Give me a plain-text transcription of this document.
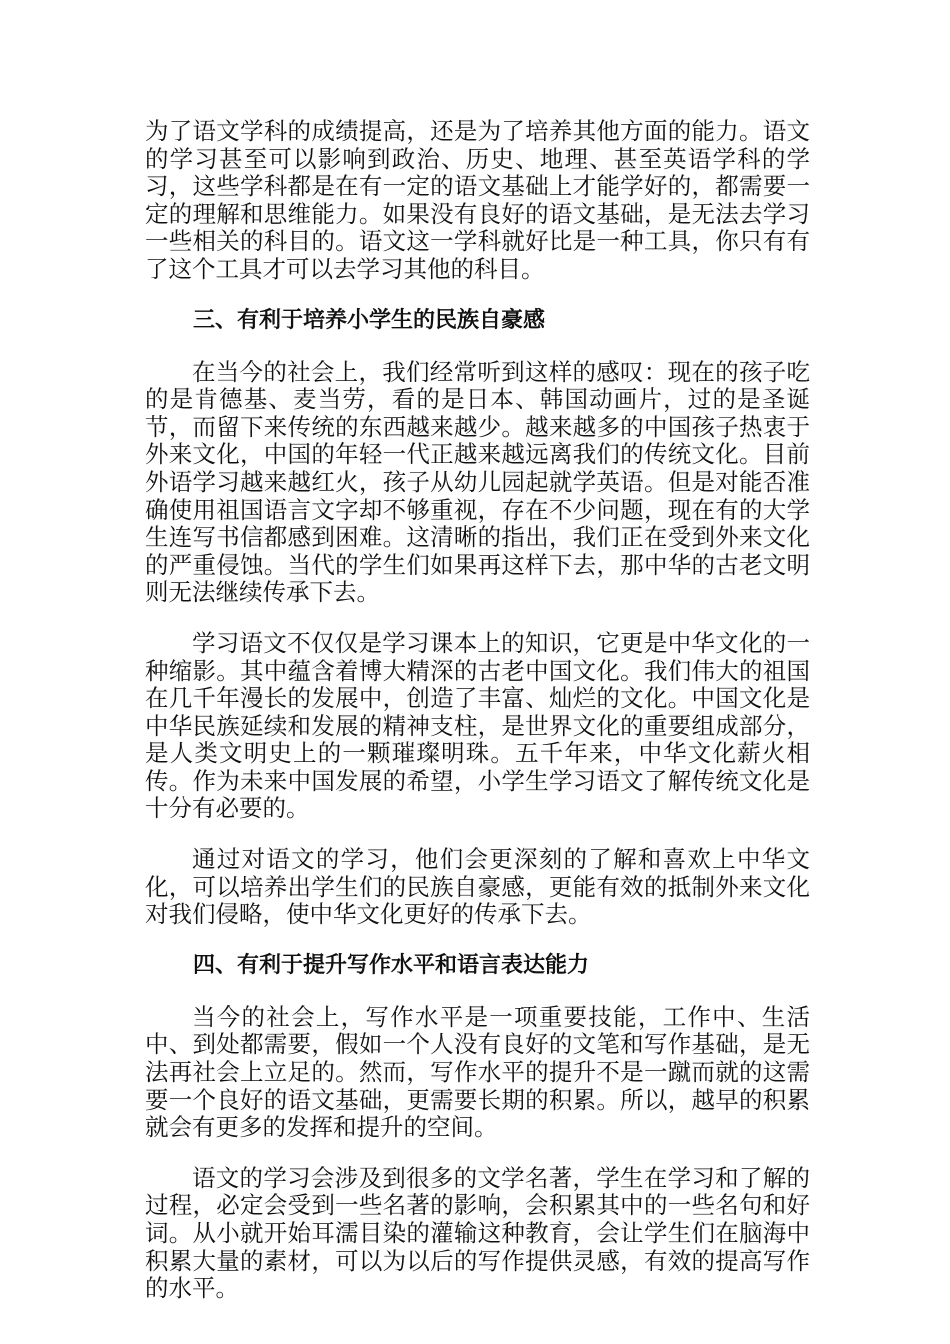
为了语文学科的成绩提高，还是为了培养其他方面的能力。语文的学习甚至可以影响到政治、历史、地理、甚至英语学科的学习，这些学科都是在有一定的语文基础上才能学好的，都需要一定的理解和思维能力。如果没有良好的语文基础，是无法去学习一些相关的科目的。语文这一学科就好比是一种工具，你只有有了这个工具才可以去学习其他的科目。

三、有利于培养小学生的民族自豪感

在当今的社会上，我们经常听到这样的感叹：现在的孩子吃的是肯德基、麦当劳，看的是日本、韩国动画片，过的是圣诞节，而留下来传统的东西越来越少。越来越多的中国孩子热衷于外来文化，中国的年轻一代正越来越远离我们的传统文化。目前外语学习越来越红火，孩子从幼儿园起就学英语。但是对能否准确使用祖国语言文字却不够重视，存在不少问题，现在有的大学生连写书信都感到困难。这清晰的指出，我们正在受到外来文化的严重侵蚀。当代的学生们如果再这样下去，那中华的古老文明则无法继续传承下去。

学习语文不仅仅是学习课本上的知识，它更是中华文化的一种缩影。其中蕴含着博大精深的古老中国文化。我们伟大的祖国在几千年漫长的发展中，创造了丰富、灿烂的文化。中国文化是中华民族延续和发展的精神支柱，是世界文化的重要组成部分，是人类文明史上的一颗璀璨明珠。五千年来，中华文化薪火相传。作为未来中国发展的希望，小学生学习语文了解传统文化是十分有必要的。

通过对语文的学习，他们会更深刻的了解和喜欢上中华文化，可以培养出学生们的民族自豪感，更能有效的抵制外来文化对我们侵略，使中华文化更好的传承下去。

四、有利于提升写作水平和语言表达能力

当今的社会上，写作水平是一项重要技能，工作中、生活中、到处都需要，假如一个人没有良好的文笔和写作基础，是无法再社会上立足的。然而，写作水平的提升不是一蹴而就的这需要一个良好的语文基础，更需要长期的积累。所以，越早的积累就会有更多的发挥和提升的空间。

语文的学习会涉及到很多的文学名著，学生在学习和了解的过程，必定会受到一些名著的影响，会积累其中的一些名句和好词。从小就开始耳濡目染的灌输这种教育，会让学生们在脑海中积累大量的素材，可以为以后的写作提供灵感，有效的提高写作的水平。
